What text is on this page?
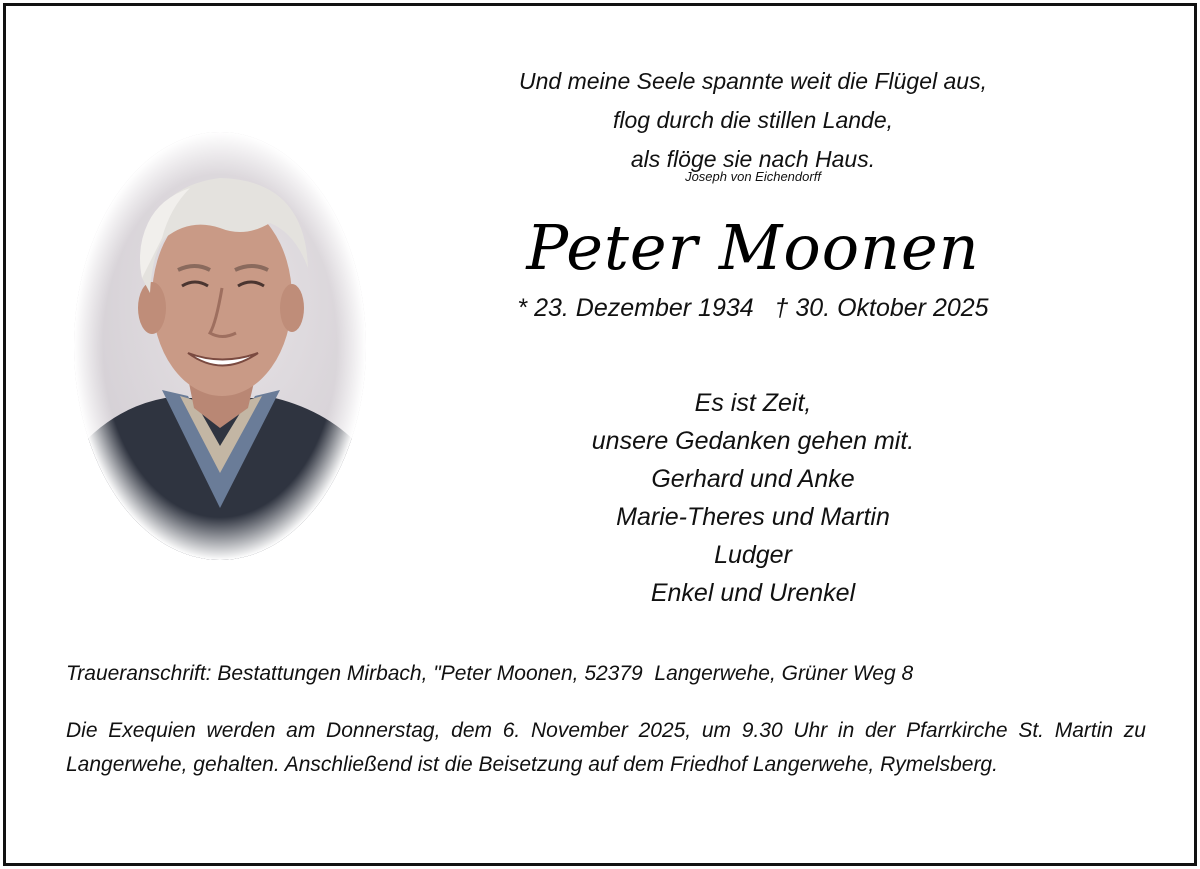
Und meine Seele spannte weit die Flügel aus,
flog durch die stillen Lande,
als flöge sie nach Haus.
Joseph von Eichendorff
Peter Moonen
* 23. Dezember 1934 † 30. Oktober 2025
Es ist Zeit,
unsere Gedanken gehen mit.
Gerhard und Anke
Marie-Theres und Martin
Ludger
Enkel und Urenkel
Traueranschrift: Bestattungen Mirbach, "Peter Moonen, 52379  Langerwehe, Grüner Weg 8
Die Exequien werden am Donnerstag, dem 6. November 2025, um 9.30 Uhr in der Pfarrkirche St. Martin zu Langerwehe, gehalten. Anschließend ist die Beisetzung auf dem Friedhof Langerwehe, Rymelsberg.
